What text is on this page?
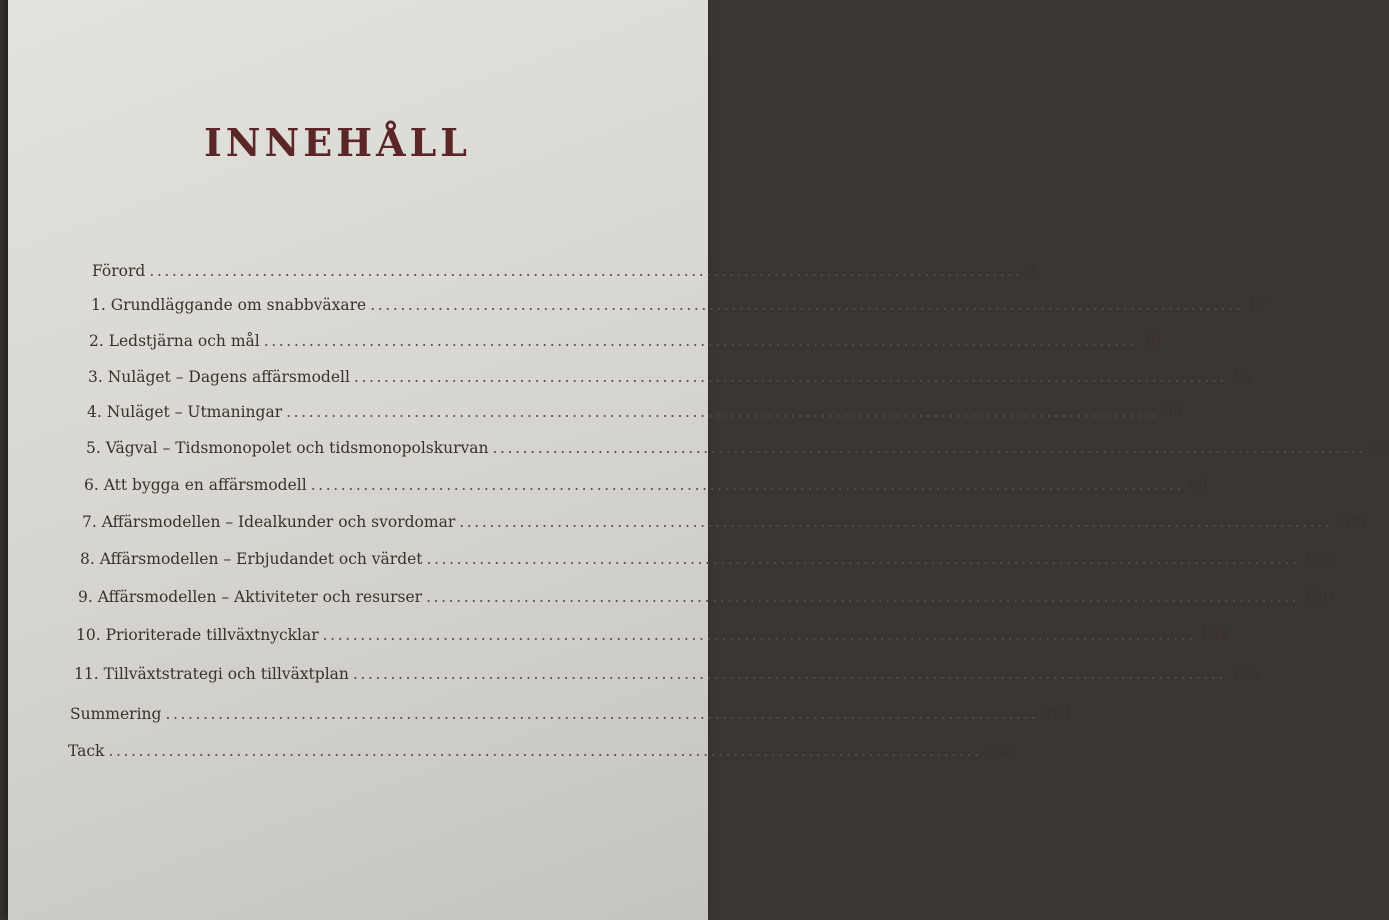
INNEHÅLL
Förord .................................................................................................................... 6
1. Grundläggande om snabbväxare .................................................................................................................... 12
2. Ledstjärna och mål .................................................................................................................... 36
3. Nuläget – Dagens affärsmodell .................................................................................................................... 46
4. Nuläget – Utmaningar .................................................................................................................... 58
5. Vägval – Tidsmonopolet och tidsmonopolskurvan .................................................................................................................... 72
6. Att bygga en affärsmodell .................................................................................................................... 88
7. Affärsmodellen – Idealkunder och svordomar .................................................................................................................... 100
8. Affärsmodellen – Erbjudandet och värdet .................................................................................................................... 120
9. Affärsmodellen – Aktiviteter och resurser .................................................................................................................... 150
10. Prioriterade tillväxtnycklar .................................................................................................................... 158
11. Tillväxtstrategi och tillväxtplan .................................................................................................................... 194
Summering .................................................................................................................... 204
Tack .................................................................................................................... 208
